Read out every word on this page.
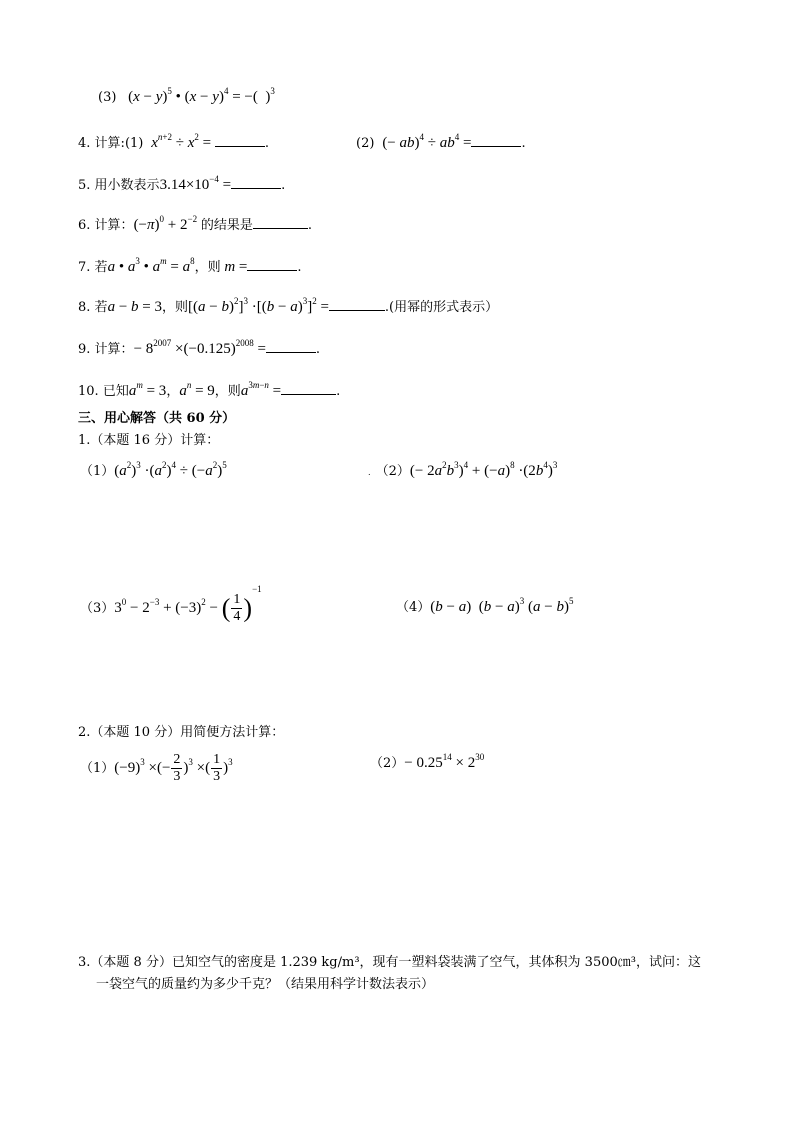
(3)   $(x - y)^5$ • $(x - y)^4$ = −(  )$^3$
4. 计算:(1) $x^{n+2} \div x^2$ =	.	(2)  (− $ab)^4 \div ab^4$ =	.
5. 用小数表示$3.14\times 10^{-4}$ =	.
6. 计算：$(-\pi)^0 + 2^{-2}$ 的结果是	.
7. 若a • $a^3$ • $a^m = a^8$，则 m =	.
8. 若a − b = 3，则$[(a - b)^2]^3 \cdot[(b - a)^3]^2$ =	.(用幂的形式表示）
9. 计算：− $8^{2007} \times(-0.125)^{2008}$ =	.
10. 已知$a^m = 3$，$a^n = 9$，则$a^{3m-n}$ =	.
三、用心解答（共 60 分）
1.（本题 16 分）计算：
$(1)(a^2)^3 \cdot(a^2)^4 \div (-a^2)^5$
.  $(2)(- 2a^2b^3)^4 + (-a)^8 \cdot(2b^4)^3$
$(3)3^0 - 2^{-3} + (-3)^2$ − ( $\frac{1}{4} )^{-1}$
（4）(b − a)  $(b - a)^3$ $(a - b)^5$
2.（本题 10 分）用简便方法计算：
$(1)(-9)^3$ ×(− $\frac{2}{3} )^3$ ×( $\frac{1}{3} )^3$	$(2)- 0.25^{14} \times 2^{30}$
3.（本题 8 分）已知空气的密度是 1.239 kg/m³，现有一塑料袋装满了空气，其体积为 3500㎝³，试问：这
一袋空气的质量约为多少千克？（结果用科学计数法表示）
